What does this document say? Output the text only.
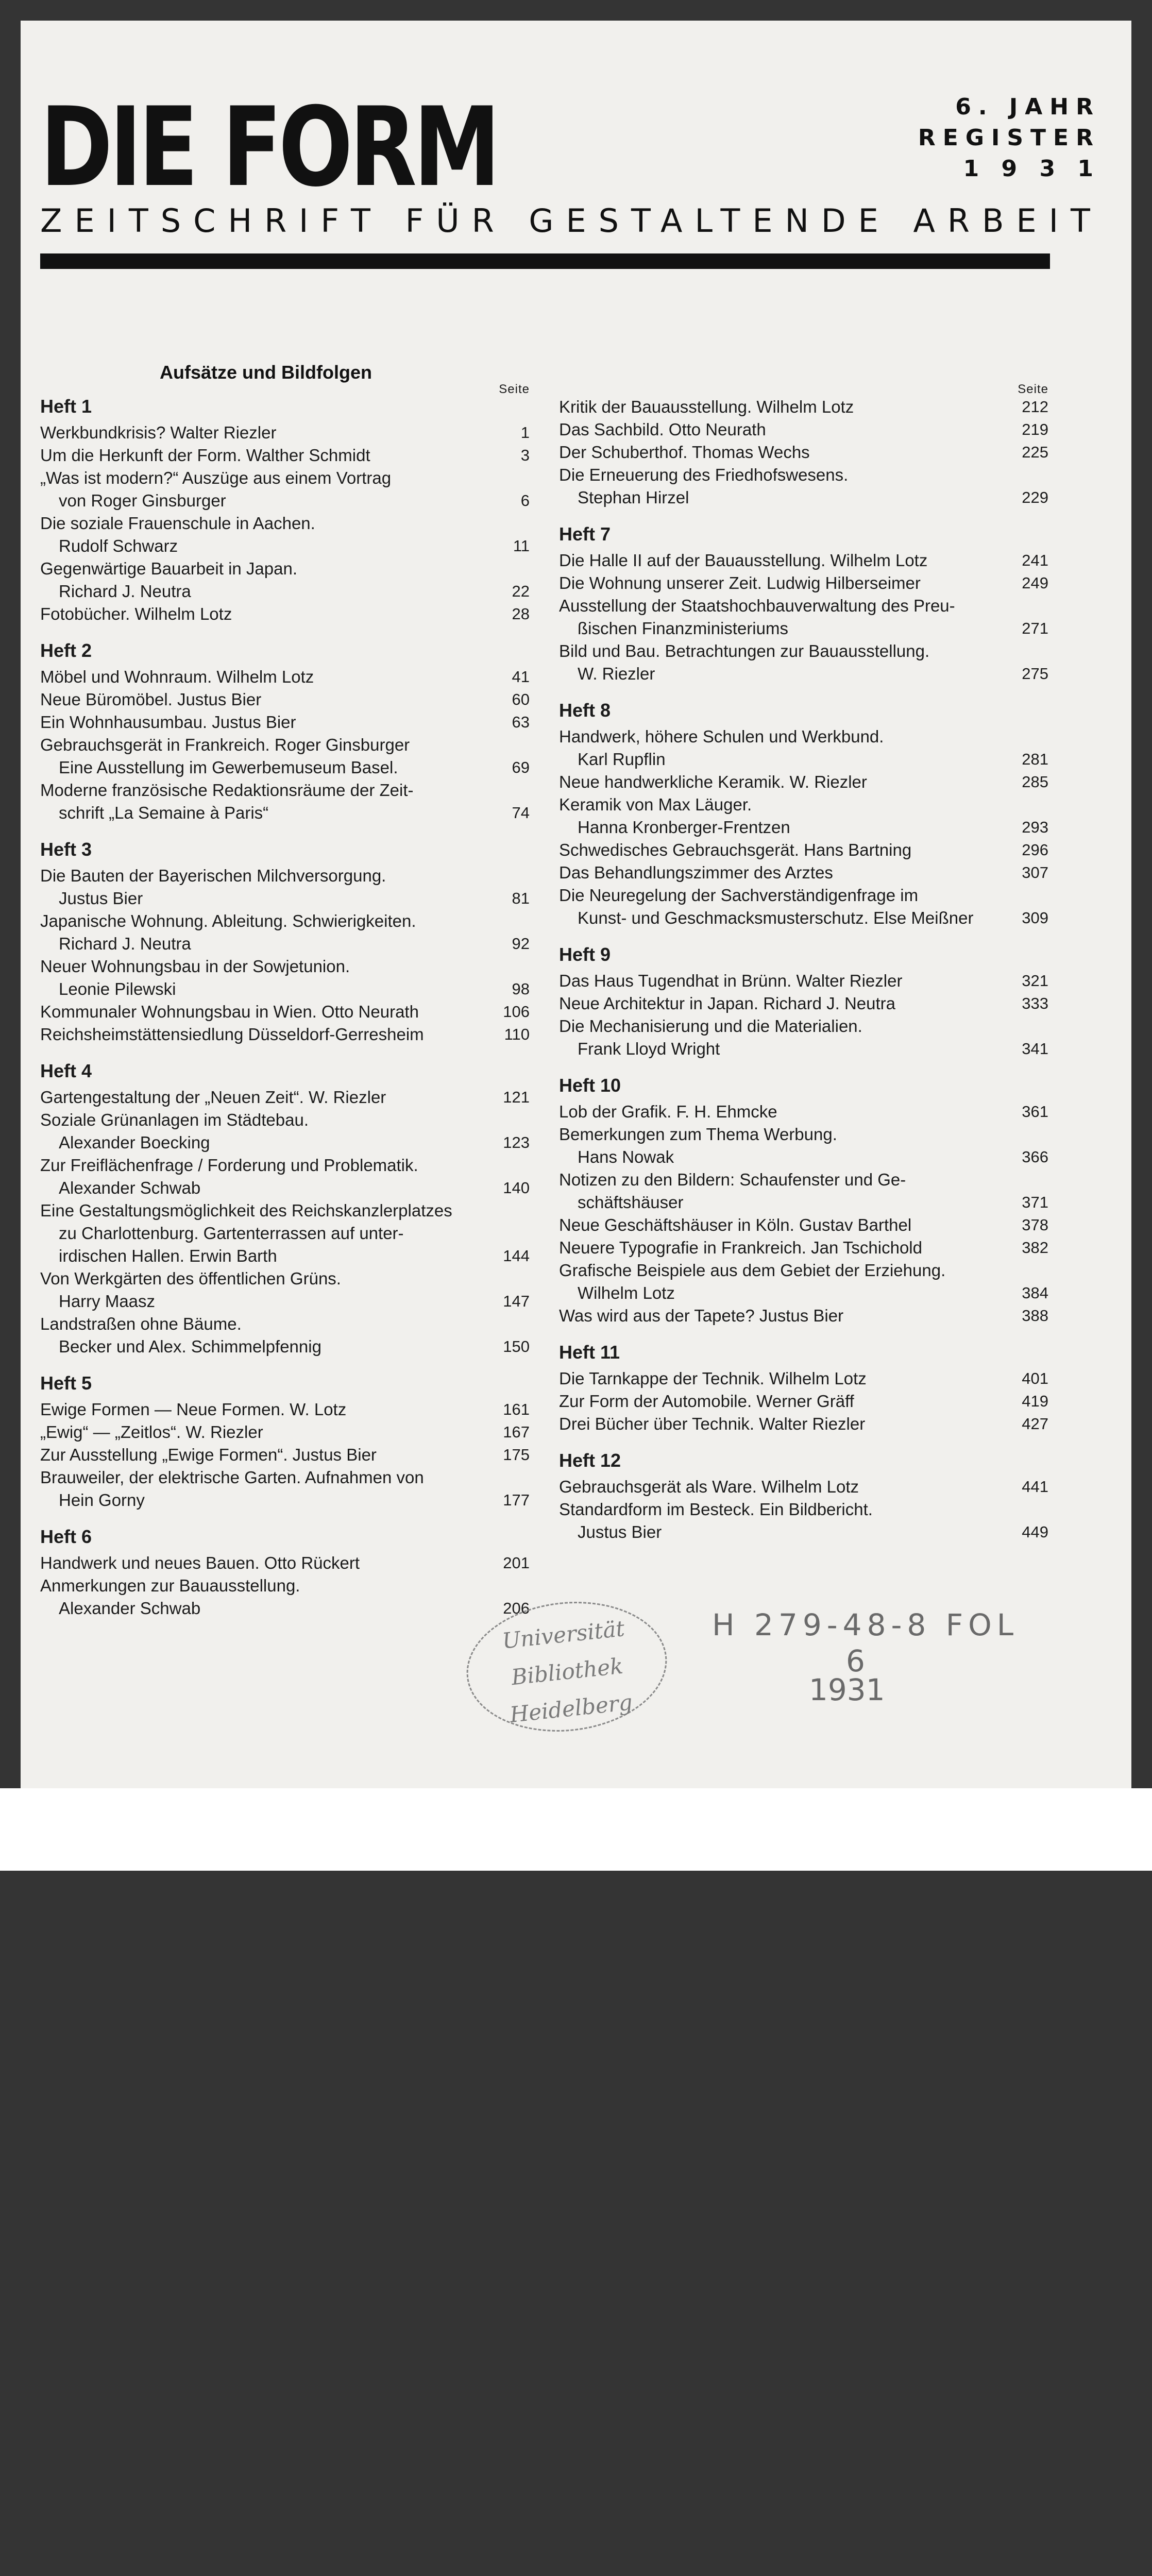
DIE FORM	6. JAHR
REGISTER
1 9 3 1
ZEITSCHRIFT FÜR GESTALTENDE ARBEIT
Aufsätze und Bildfolgen
Seite
Heft 1
Werkbundkrisis? Walter Riezler	1
Um die Herkunft der Form. Walther Schmidt	3
„Was ist modern?“ Auszüge aus einem Vortrag
von Roger Ginsburger	6
Die soziale Frauenschule in Aachen.
Rudolf Schwarz	11
Gegenwärtige Bauarbeit in Japan.
Richard J. Neutra	22
Fotobücher. Wilhelm Lotz	28
Heft 2
Möbel und Wohnraum. Wilhelm Lotz	41
Neue Büromöbel. Justus Bier	60
Ein Wohnhausumbau. Justus Bier	63
Gebrauchsgerät in Frankreich. Roger Ginsburger
Eine Ausstellung im Gewerbemuseum Basel.	69
Moderne französische Redaktionsräume der Zeit-
schrift „La Semaine à Paris“	74
Heft 3
Die Bauten der Bayerischen Milchversorgung.
Justus Bier	81
Japanische Wohnung. Ableitung. Schwierigkeiten.
Richard J. Neutra	92
Neuer Wohnungsbau in der Sowjetunion.
Leonie Pilewski	98
Kommunaler Wohnungsbau in Wien. Otto Neurath	106
Reichsheimstättensiedlung Düsseldorf-Gerresheim	110
Heft 4
Gartengestaltung der „Neuen Zeit“. W. Riezler	121
Soziale Grünanlagen im Städtebau.
Alexander Boecking	123
Zur Freiflächenfrage / Forderung und Problematik.
Alexander Schwab	140
Eine Gestaltungsmöglichkeit des Reichskanzlerplatzes
zu Charlottenburg. Gartenterrassen auf unter-
irdischen Hallen. Erwin Barth	144
Von Werkgärten des öffentlichen Grüns.
Harry Maasz	147
Landstraßen ohne Bäume.
Becker und Alex. Schimmelpfennig	150
Heft 5
Ewige Formen — Neue Formen. W. Lotz	161
„Ewig“ — „Zeitlos“. W. Riezler	167
Zur Ausstellung „Ewige Formen“. Justus Bier	175
Brauweiler, der elektrische Garten. Aufnahmen von
Hein Gorny	177
Heft 6
Handwerk und neues Bauen. Otto Rückert	201
Anmerkungen zur Bauausstellung.
Alexander Schwab	206
Seite
Kritik der Bauausstellung. Wilhelm Lotz	212
Das Sachbild. Otto Neurath	219
Der Schuberthof. Thomas Wechs	225
Die Erneuerung des Friedhofswesens.
Stephan Hirzel	229
Heft 7
Die Halle II auf der Bauausstellung. Wilhelm Lotz	241
Die Wohnung unserer Zeit. Ludwig Hilberseimer	249
Ausstellung der Staatshochbauverwaltung des Preu-
ßischen Finanzministeriums	271
Bild und Bau. Betrachtungen zur Bauausstellung.
W. Riezler	275
Heft 8
Handwerk, höhere Schulen und Werkbund.
Karl Rupflin	281
Neue handwerkliche Keramik. W. Riezler	285
Keramik von Max Läuger.
Hanna Kronberger-Frentzen	293
Schwedisches Gebrauchsgerät. Hans Bartning	296
Das Behandlungszimmer des Arztes	307
Die Neuregelung der Sachverständigenfrage im
Kunst- und Geschmacksmusterschutz. Else Meißner	309
Heft 9
Das Haus Tugendhat in Brünn. Walter Riezler	321
Neue Architektur in Japan. Richard J. Neutra	333
Die Mechanisierung und die Materialien.
Frank Lloyd Wright	341
Heft 10
Lob der Grafik. F. H. Ehmcke	361
Bemerkungen zum Thema Werbung.
Hans Nowak	366
Notizen zu den Bildern: Schaufenster und Ge-
schäftshäuser	371
Neue Geschäftshäuser in Köln. Gustav Barthel	378
Neuere Typografie in Frankreich. Jan Tschichold	382
Grafische Beispiele aus dem Gebiet der Erziehung.
Wilhelm Lotz	384
Was wird aus der Tapete? Justus Bier	388
Heft 11
Die Tarnkappe der Technik. Wilhelm Lotz	401
Zur Form der Automobile. Werner Gräff	419
Drei Bücher über Technik. Walter Riezler	427
Heft 12
Gebrauchsgerät als Ware. Wilhelm Lotz	441
Standardform im Besteck. Ein Bildbericht.
Justus Bier	449
H 279-48-8 FOL
6
1931
Universität
Bibliothek
Heidelberg
